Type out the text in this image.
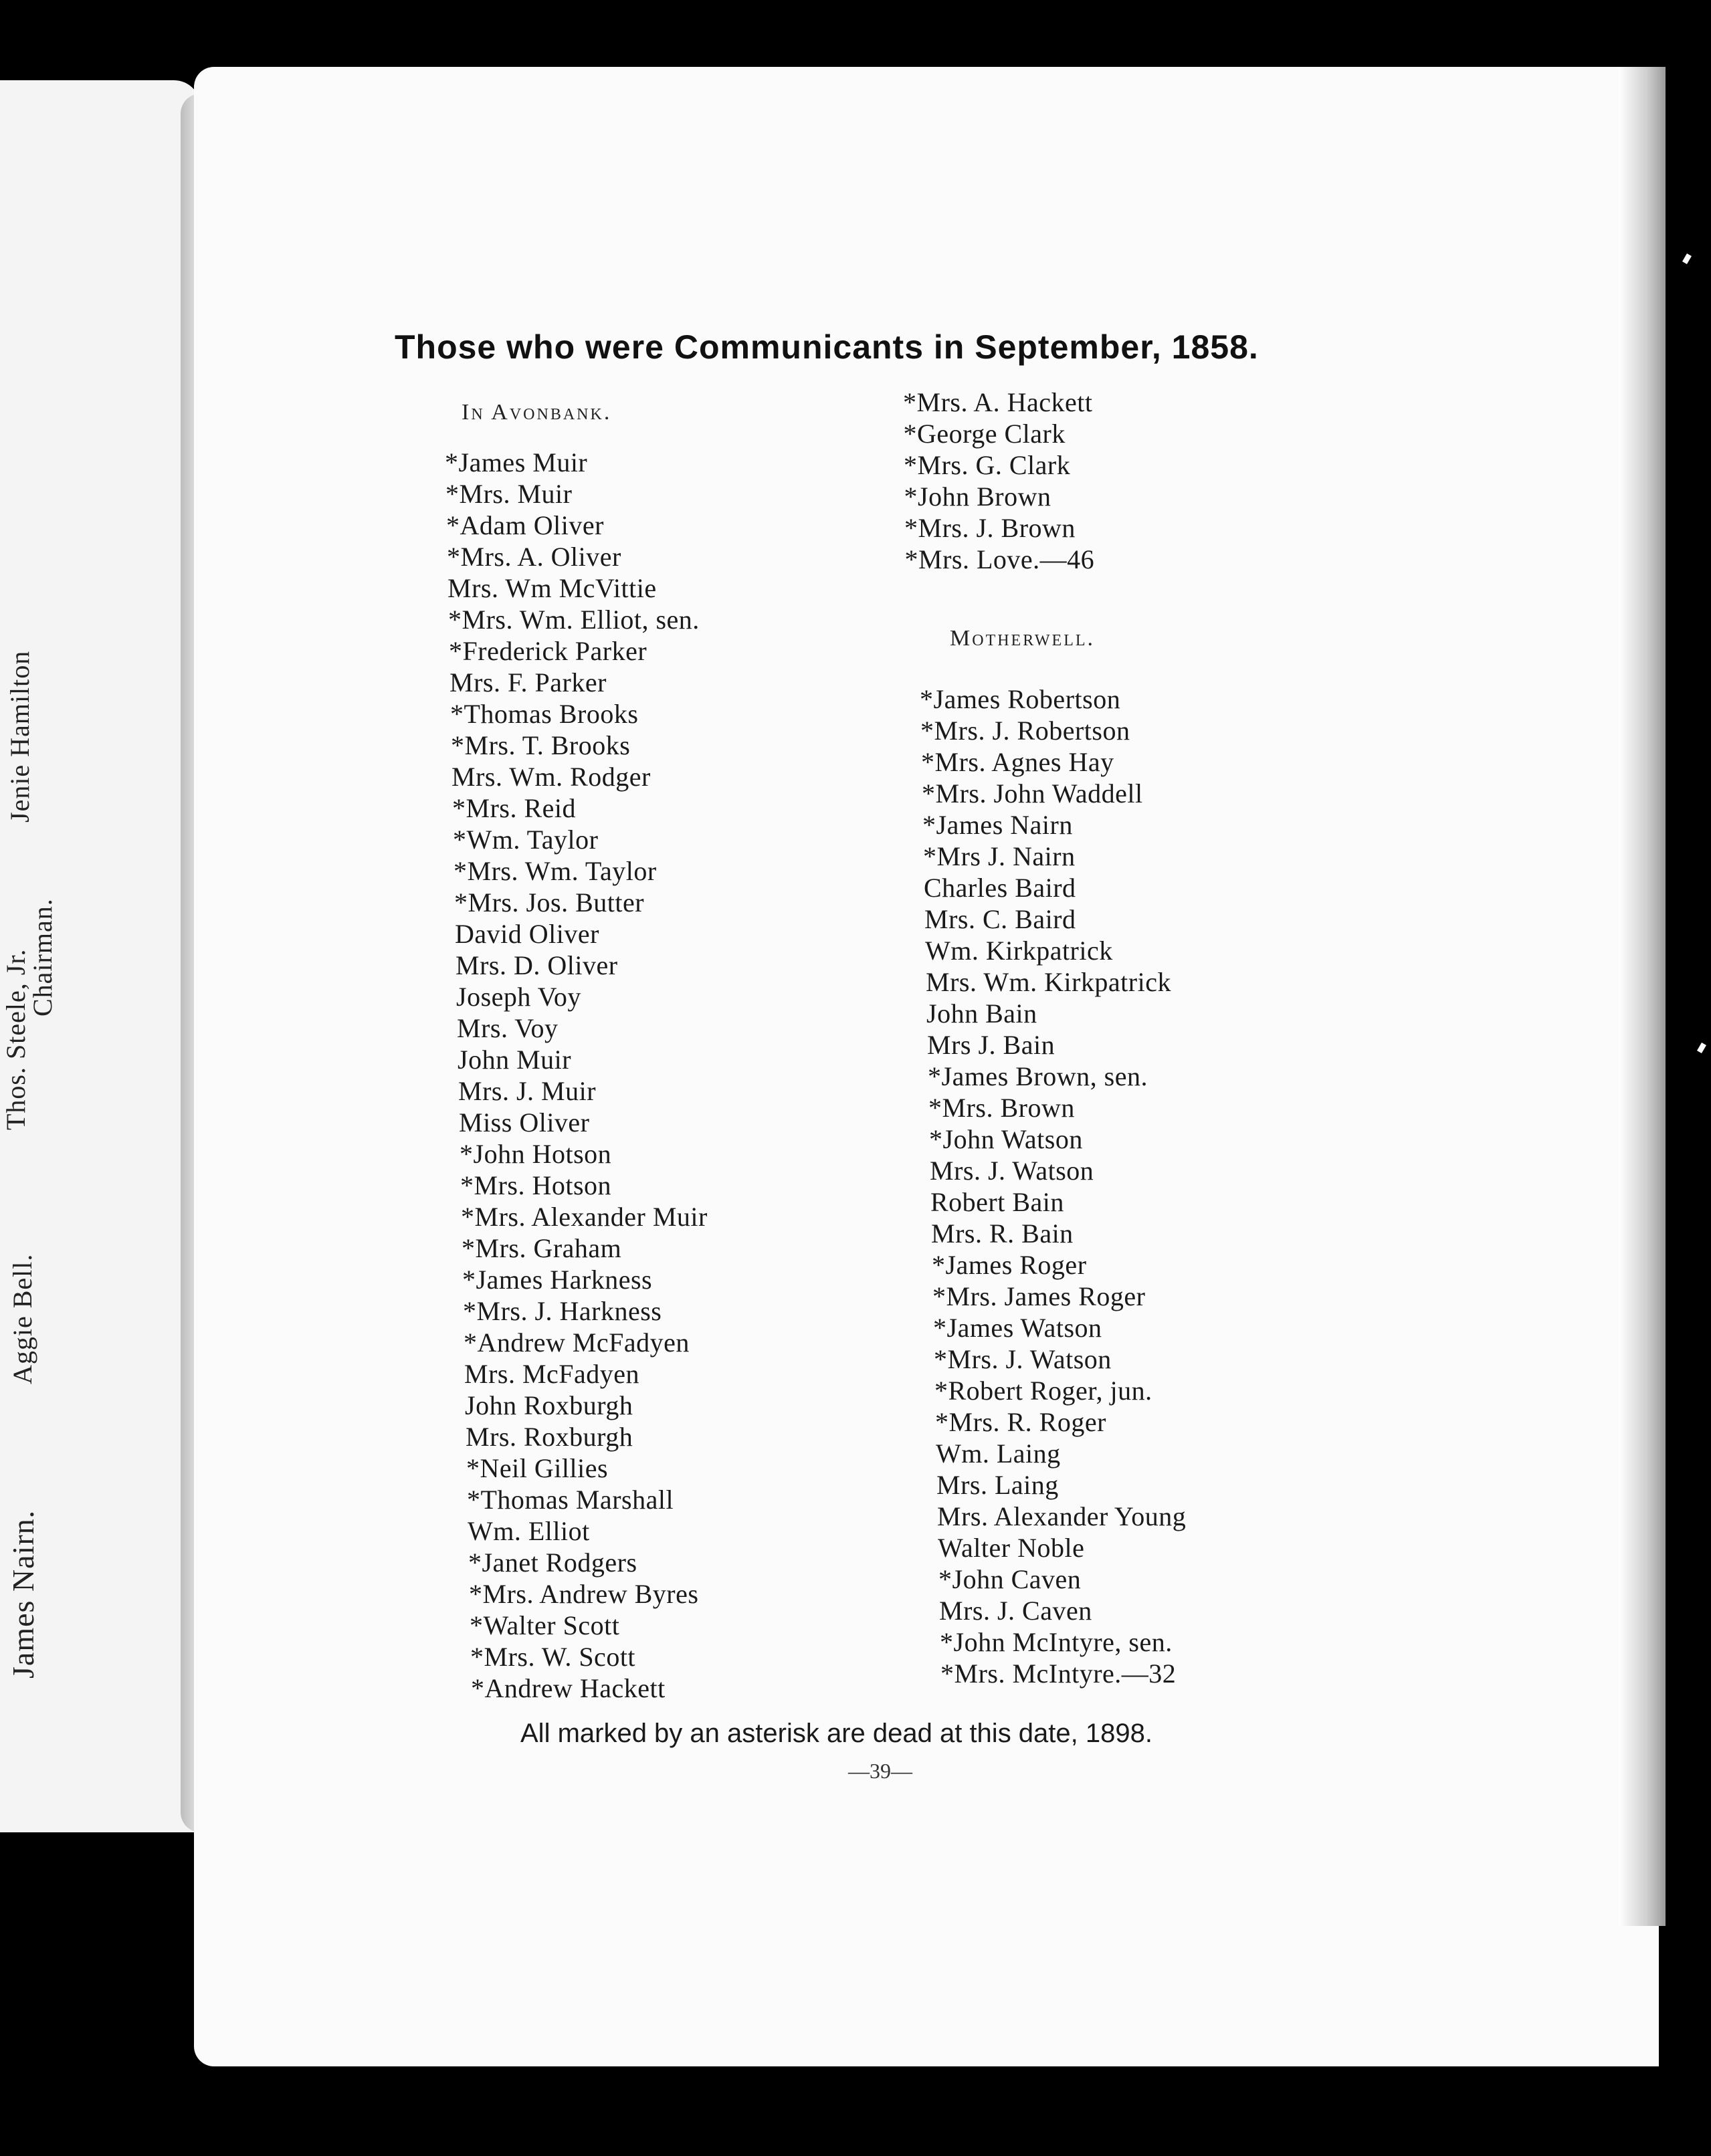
James Nairn.
Aggie Bell.
Thos. Steele, Jr.
Chairman.
Jenie Hamilton
Those who were Communicants in September, 1858.
In Avonbank.
*James Muir
*Mrs. Muir
*Adam Oliver
*Mrs. A. Oliver
Mrs. Wm McVittie
*Mrs. Wm. Elliot, sen.
*Frederick Parker
Mrs. F. Parker
*Thomas Brooks
*Mrs. T. Brooks
Mrs. Wm. Rodger
*Mrs. Reid
*Wm. Taylor
*Mrs. Wm. Taylor
*Mrs. Jos. Butter
David Oliver
Mrs. D. Oliver
Joseph Voy
Mrs. Voy
John Muir
Mrs. J. Muir
Miss Oliver
*John Hotson
*Mrs. Hotson
*Mrs. Alexander Muir
*Mrs. Graham
*James Harkness
*Mrs. J. Harkness
*Andrew McFadyen
Mrs. McFadyen
John Roxburgh
Mrs. Roxburgh
*Neil Gillies
*Thomas Marshall
Wm. Elliot
*Janet Rodgers
*Mrs. Andrew Byres
*Walter Scott
*Mrs. W. Scott
*Andrew Hackett
*Mrs. A. Hackett
*George Clark
*Mrs. G. Clark
*John Brown
*Mrs. J. Brown
*Mrs. Love.—46
Motherwell.
*James Robertson
*Mrs. J. Robertson
*Mrs. Agnes Hay
*Mrs. John Waddell
*James Nairn
*Mrs J. Nairn
Charles Baird
Mrs. C. Baird
Wm. Kirkpatrick
Mrs. Wm. Kirkpatrick
John Bain
Mrs J. Bain
*James Brown, sen.
*Mrs. Brown
*John Watson
Mrs. J. Watson
Robert Bain
Mrs. R. Bain
*James Roger
*Mrs. James Roger
*James Watson
*Mrs. J. Watson
*Robert Roger, jun.
*Mrs. R. Roger
Wm. Laing
Mrs. Laing
Mrs. Alexander Young
Walter Noble
*John Caven
Mrs. J. Caven
*John McIntyre, sen.
*Mrs. McIntyre.—32
All marked by an asterisk are dead at this date, 1898.
—39—
